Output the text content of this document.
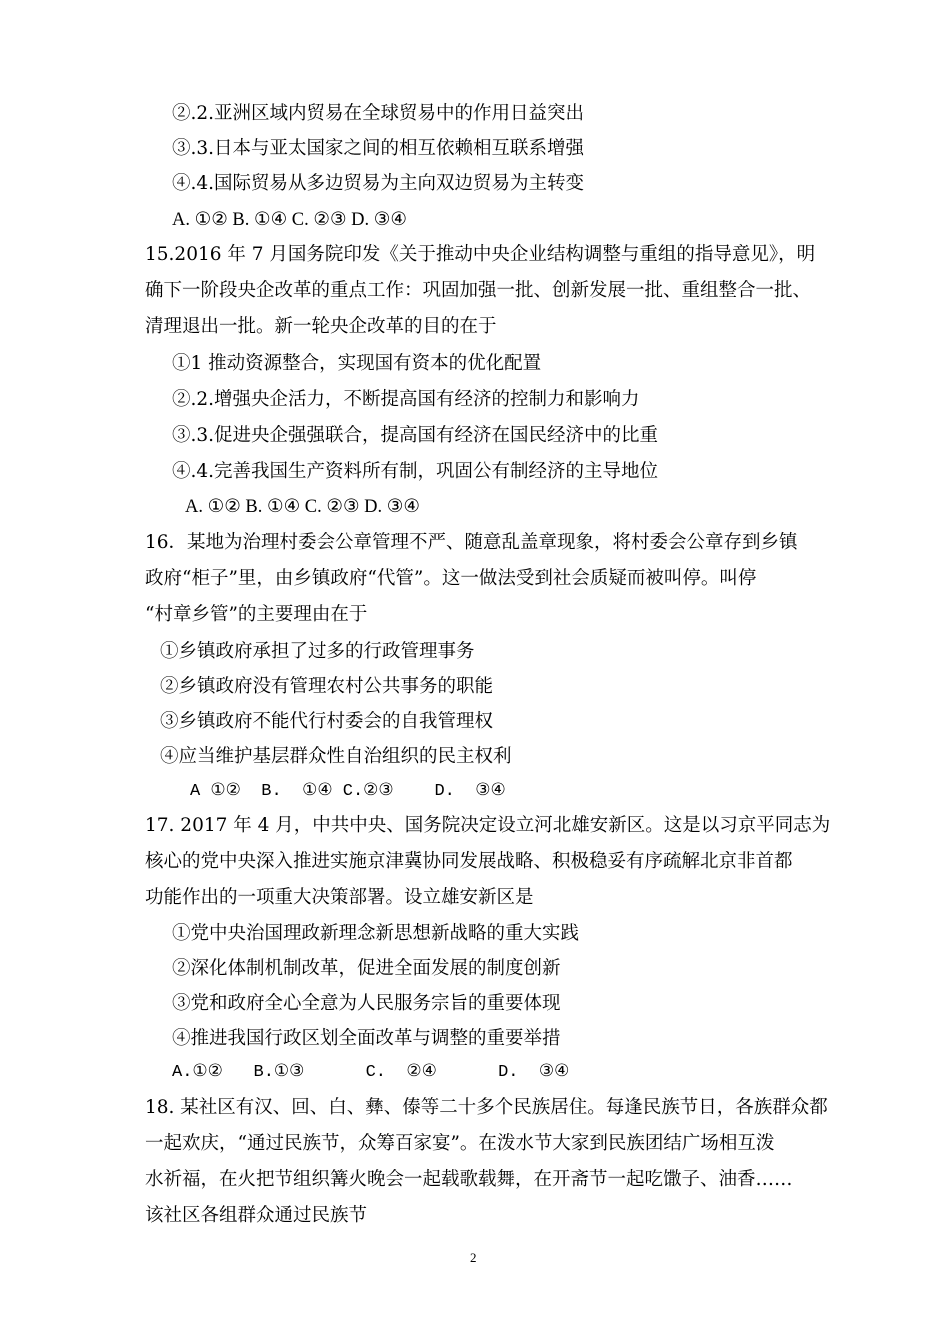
②.2.亚洲区域内贸易在全球贸易中的作用日益突出
③.3.日本与亚太国家之间的相互依赖相互联系增强
④.4.国际贸易从多边贸易为主向双边贸易为主转变
A. ①② B. ①④ C. ②③ D. ③④
15.2016 年 7 月国务院印发《关于推动中央企业结构调整与重组的指导意见》，明
确下一阶段央企改革的重点工作：巩固加强一批、创新发展一批、重组整合一批、
清理退出一批。新一轮央企改革的目的在于
①1 推动资源整合，实现国有资本的优化配置
②.2.增强央企活力，不断提高国有经济的控制力和影响力
③.3.促进央企强强联合，提高国有经济在国民经济中的比重
④.4.完善我国生产资料所有制，巩固公有制经济的主导地位
A. ①② B. ①④ C. ②③ D. ③④
16．某地为治理村委会公章管理不严、随意乱盖章现象，将村委会公章存到乡镇
政府“柜子”里，由乡镇政府“代管”。这一做法受到社会质疑而被叫停。叫停
“村章乡管”的主要理由在于
①乡镇政府承担了过多的行政管理事务
②乡镇政府没有管理农村公共事务的职能
③乡镇政府不能代行村委会的自我管理权
④应当维护基层群众性自治组织的民主权利
A ①②  B.  ①④ C.②③    D.  ③④
17. 2017 年 4 月，中共中央、国务院决定设立河北雄安新区。这是以习京平同志为
核心的党中央深入推进实施京津冀协同发展战略、积极稳妥有序疏解北京非首都
功能作出的一项重大决策部署。设立雄安新区是
①党中央治国理政新理念新思想新战略的重大实践
②深化体制机制改革，促进全面发展的制度创新
③党和政府全心全意为人民服务宗旨的重要体现
④推进我国行政区划全面改革与调整的重要举措
A.①②   B.①③      C.  ②④      D.  ③④
18. 某社区有汉、回、白、彝、傣等二十多个民族居住。每逢民族节日，各族群众都
一起欢庆，“通过民族节，众筹百家宴”。在泼水节大家到民族团结广场相互泼
水祈福，在火把节组织篝火晚会一起载歌载舞，在开斋节一起吃馓子、油香……
该社区各组群众通过民族节
2
